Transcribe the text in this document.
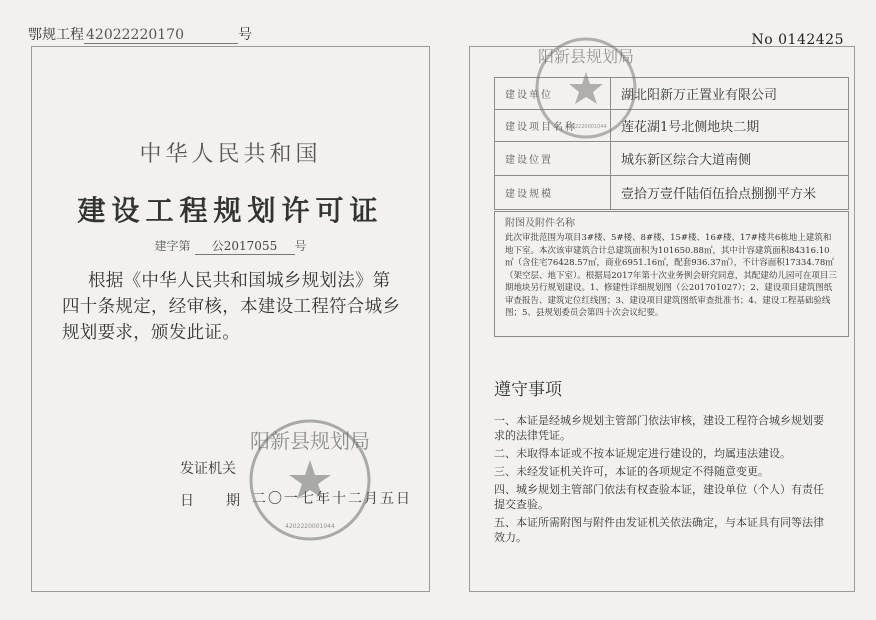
鄂规工程 42022220170	号	No 0142425
中华人民共和国
建设工程规划许可证
建字第 公2017055 号
根据《中华人民共和国城乡规划法》第
四十条规定，经审核，本建设工程符合城乡
规划要求，颁发此证。
发证机关
日 期 二〇一七年十二月五日
阳新县规划局
4202220001044
建设单位	湖北阳新万正置业有限公司
建设项目名称	莲花湖1号北侧地块二期
建设位置	城东新区综合大道南侧
建设规模	壹拾万壹仟陆佰伍拾点捌捌平方米
附图及附件名称
此次审批范围为项目3#楼、5#楼、8#楼、15#楼、16#楼、17#楼共6栋地上建筑和地下室。本次该审建筑合计总建筑面积为101650.88㎡，其中计容建筑面积84316.10㎡（含住宅76428.57㎡，商业6951.16㎡，配套936.37㎡），不计容面积17334.78㎡（架空层、地下室）。根据局2017年第十次业务例会研究同意，其配建幼儿园可在项目三期地块另行规划建设。1、修建性详细规划图（公201701027）；2、建设项目建筑图纸审查报告、建筑定位红线图；3、建设项目建筑图纸审查批准书；4、建设工程基础验线图；5、县规划委员会第四十次会议纪要。
阳新县规划局
4202220001044
遵守事项
一、本证是经城乡规划主管部门依法审核，建设工程符合城乡规划要求的法律凭证。
二、未取得本证或不按本证规定进行建设的，均属违法建设。
三、未经发证机关许可，本证的各项规定不得随意变更。
四、城乡规划主管部门依法有权查验本证，建设单位（个人）有责任提交查验。
五、本证所需附图与附件由发证机关依法确定，与本证具有同等法律效力。
